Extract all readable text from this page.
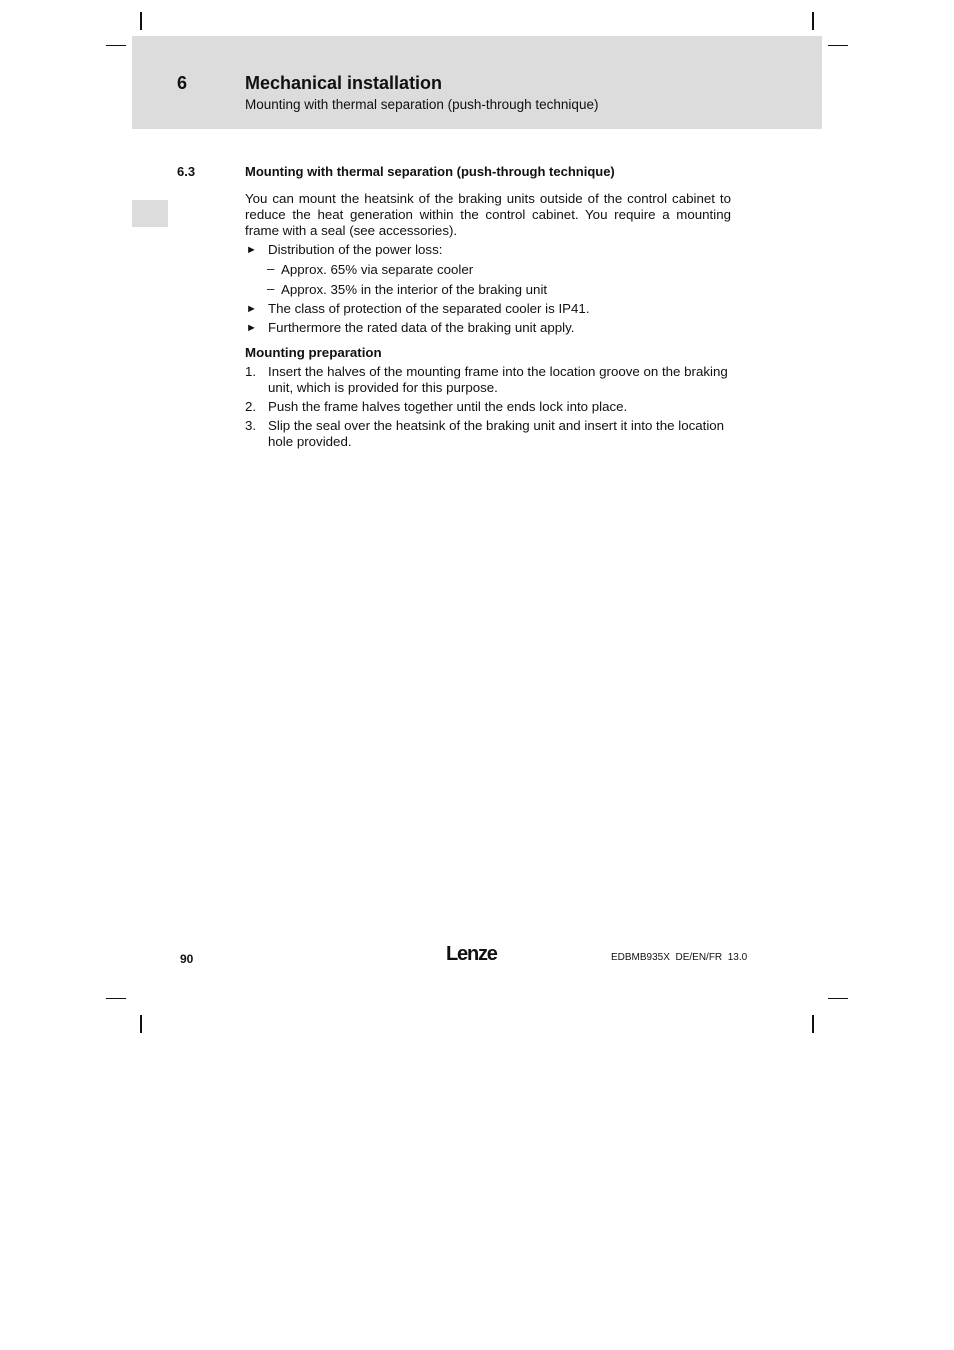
6	Mechanical installation
Mounting with thermal separation (push-through technique)
6.3	Mounting with thermal separation (push-through technique)

You can mount the heatsink of the braking units outside of the control cabinet to reduce the heat generation within the control cabinet. You require a mounting frame with a seal (see accessories).

► Distribution of the power loss:
– Approx. 65% via separate cooler
– Approx. 35% in the interior of the braking unit
► The class of protection of the separated cooler is IP41.
► Furthermore the rated data of the braking unit apply.
Mounting preparation
1. Insert the halves of the mounting frame into the location groove on the braking unit, which is provided for this purpose.
2. Push the frame halves together until the ends lock into place.
3. Slip the seal over the heatsink of the braking unit and insert it into the location hole provided.
90	Lenze	EDBMB935X  DE/EN/FR  13.0
